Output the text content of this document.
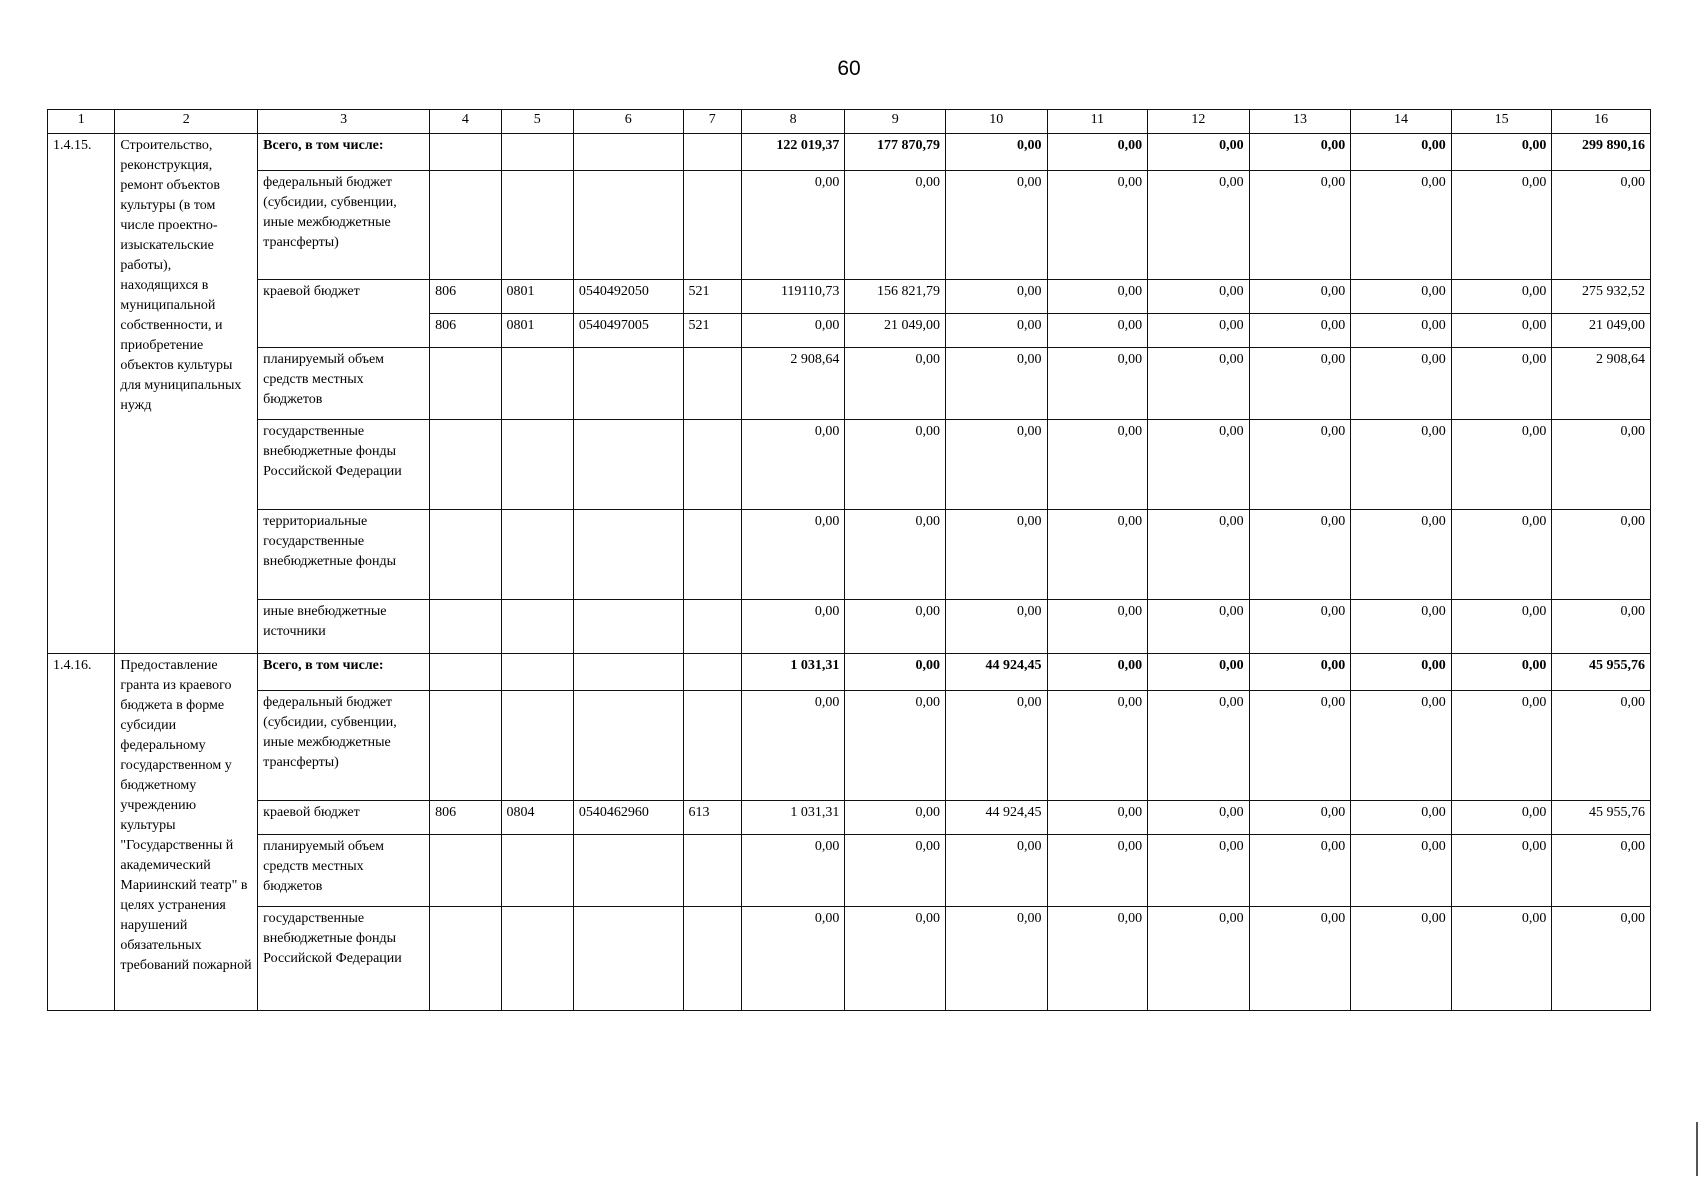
60
1	2	3	4	5	6	7	8	9	10	11	12	13	14	15	16
1.4.15.	Строительство, реконструкция, ремонт объектов культуры (в том числе проектно-изыскательские работы), находящихся в муниципальной собственности, и приобретение объектов культуры для муниципальных нужд	Всего, в том числе:					122 019,37	177 870,79	0,00	0,00	0,00	0,00	0,00	0,00	299 890,16
		федеральный бюджет (субсидии, субвенции, иные межбюджетные трансферты)					0,00	0,00	0,00	0,00	0,00	0,00	0,00	0,00	0,00
		краевой бюджет	806	0801	0540492050	521	119110,73	156 821,79	0,00	0,00	0,00	0,00	0,00	0,00	275 932,52
			806	0801	0540497005	521	0,00	21 049,00	0,00	0,00	0,00	0,00	0,00	0,00	21 049,00
		планируемый объем средств местных бюджетов					2 908,64	0,00	0,00	0,00	0,00	0,00	0,00	0,00	2 908,64
		государственные внебюджетные фонды Российской Федерации					0,00	0,00	0,00	0,00	0,00	0,00	0,00	0,00	0,00
		территориальные государственные внебюджетные фонды					0,00	0,00	0,00	0,00	0,00	0,00	0,00	0,00	0,00
		иные внебюджетные источники					0,00	0,00	0,00	0,00	0,00	0,00	0,00	0,00	0,00
1.4.16.	Предоставление гранта из краевого бюджета в форме субсидии федеральному государственном у бюджетному учреждению культуры "Государственны й академический Мариинский театр" в целях устранения нарушений обязательных требований пожарной	Всего, в том числе:					1 031,31	0,00	44 924,45	0,00	0,00	0,00	0,00	0,00	45 955,76
		федеральный бюджет (субсидии, субвенции, иные межбюджетные трансферты)					0,00	0,00	0,00	0,00	0,00	0,00	0,00	0,00	0,00
		краевой бюджет	806	0804	0540462960	613	1 031,31	0,00	44 924,45	0,00	0,00	0,00	0,00	0,00	45 955,76
		планируемый объем средств местных бюджетов					0,00	0,00	0,00	0,00	0,00	0,00	0,00	0,00	0,00
		государственные внебюджетные фонды Российской Федерации					0,00	0,00	0,00	0,00	0,00	0,00	0,00	0,00	0,00
